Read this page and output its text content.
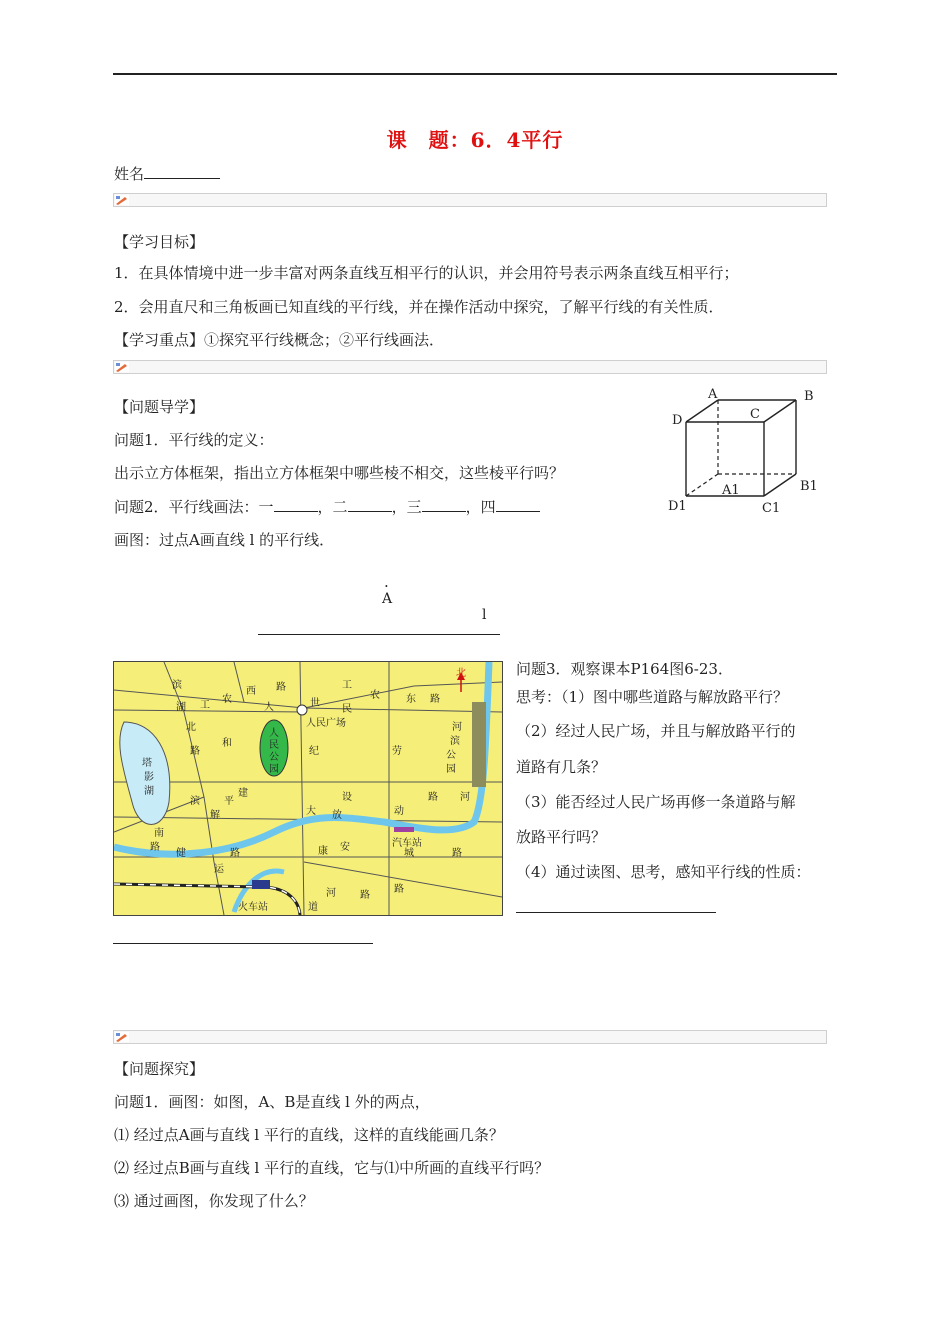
课　题：6．4平行
姓名
【学习目标】
1．在具体情境中进一步丰富对两条直线互相平行的认识，并会用符号表示两条直线互相平行；
2．会用直尺和三角板画已知直线的平行线，并在操作活动中探究，了解平行线的有关性质．
【学习重点】①探究平行线概念；②平行线画法．
【问题导学】
问题1．平行线的定义：
出示立方体框架，指出立方体框架中哪些棱不相交，这些棱平行吗？
问题2．平行线画法：一	，二	，三	，四
画图：过点A画直线 l 的平行线．
A	B
C
D
A1	B1
C1
D1
.
A
l
北
滨
湖 工
农
西 路	工
农	东 路
世
人	民
北
路
和
人
民
公
园
人民广场
纪	劳
河
滨
公
园
塔
影
湖
滨 平
解
建	设	路
大 放	动
河
南
路
路
健	康 安	汽车站
城	路
运
河 路
路
道
火车站
问题3．观察课本P164图6-23．
思考：（1）图中哪些道路与解放路平行？
（2）经过人民广场，并且与解放路平行的
道路有几条？
（3）能否经过人民广场再修一条道路与解
放路平行吗？
（4）通过读图、思考，感知平行线的性质：
【问题探究】
问题1．画图：如图，A、B是直线 l 外的两点，
⑴ 经过点A画与直线 l 平行的直线，这样的直线能画几条？
⑵ 经过点B画与直线 l 平行的直线，它与⑴中所画的直线平行吗？
⑶ 通过画图，你发现了什么？
